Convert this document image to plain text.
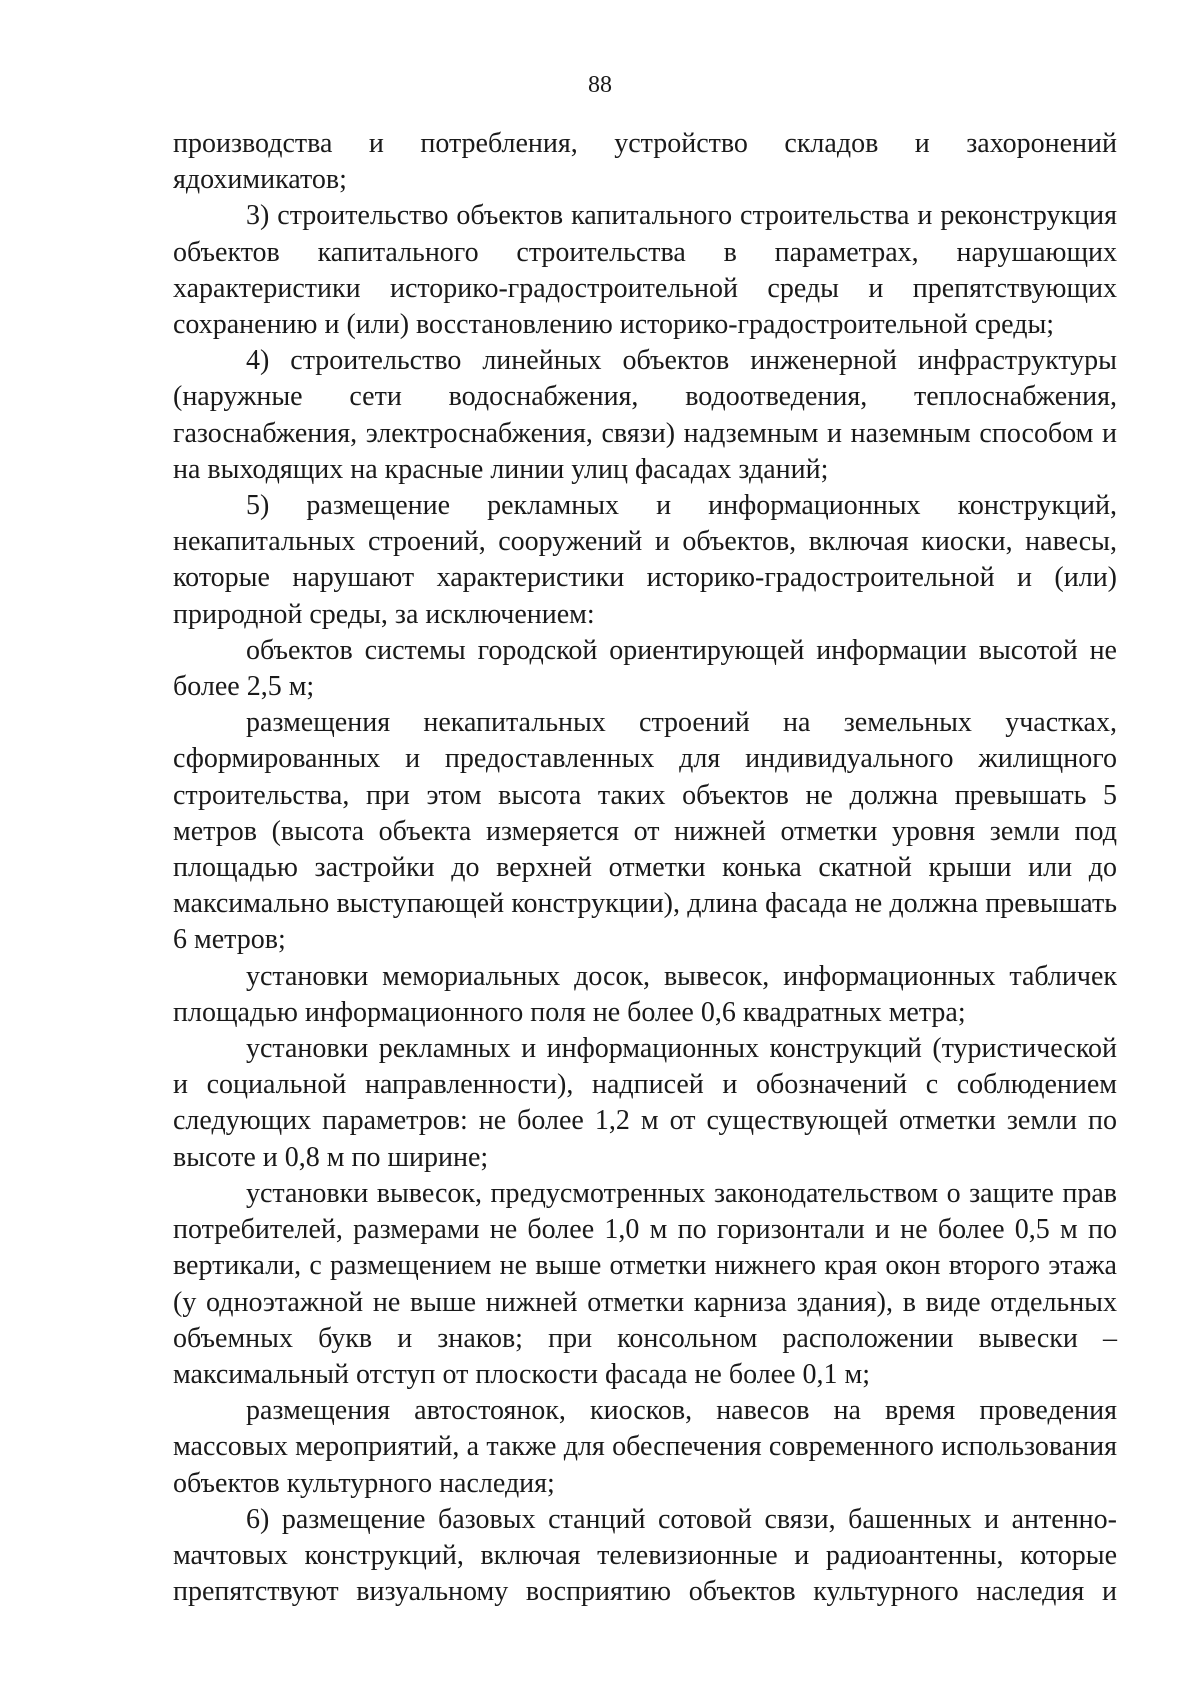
88

производства и потребления, устройство складов и захоронений ядохимикатов;

3) строительство объектов капитального строительства и реконструкция объектов капитального строительства в параметрах, нарушающих характеристики историко-градостроительной среды и препятствующих сохранению и (или) восстановлению историко-градостроительной среды;

4) строительство линейных объектов инженерной инфраструктуры (наружные сети водоснабжения, водоотведения, теплоснабжения, газоснабжения, электроснабжения, связи) надземным и наземным способом и на выходящих на красные линии улиц фасадах зданий;

5) размещение рекламных и информационных конструкций, некапитальных строений, сооружений и объектов, включая киоски, навесы, которые нарушают характеристики историко-градостроительной и (или) природной среды, за исключением:

объектов системы городской ориентирующей информации высотой не более 2,5 м;

размещения некапитальных строений на земельных участках, сформированных и предоставленных для индивидуального жилищного строительства, при этом высота таких объектов не должна превышать 5 метров (высота объекта измеряется от нижней отметки уровня земли под площадью застройки до верхней отметки конька скатной крыши или до максимально выступающей конструкции), длина фасада не должна превышать 6 метров;

установки мемориальных досок, вывесок, информационных табличек площадью информационного поля не более 0,6 квадратных метра;

установки рекламных и информационных конструкций (туристической и социальной направленности), надписей и обозначений с соблюдением следующих параметров: не более 1,2 м от существующей отметки земли по высоте и 0,8 м по ширине;

установки вывесок, предусмотренных законодательством о защите прав потребителей, размерами не более 1,0 м по горизонтали и не более 0,5 м по вертикали, с размещением не выше отметки нижнего края окон второго этажа (у одноэтажной не выше нижней отметки карниза здания), в виде отдельных объемных букв и знаков; при консольном расположении вывески – максимальный отступ от плоскости фасада не более 0,1 м;

размещения автостоянок, киосков, навесов на время проведения массовых мероприятий, а также для обеспечения современного использования объектов культурного наследия;

6) размещение базовых станций сотовой связи, башенных и антенно-мачтовых конструкций, включая телевизионные и радиоантенны, которые препятствуют визуальному восприятию объектов культурного наследия и
